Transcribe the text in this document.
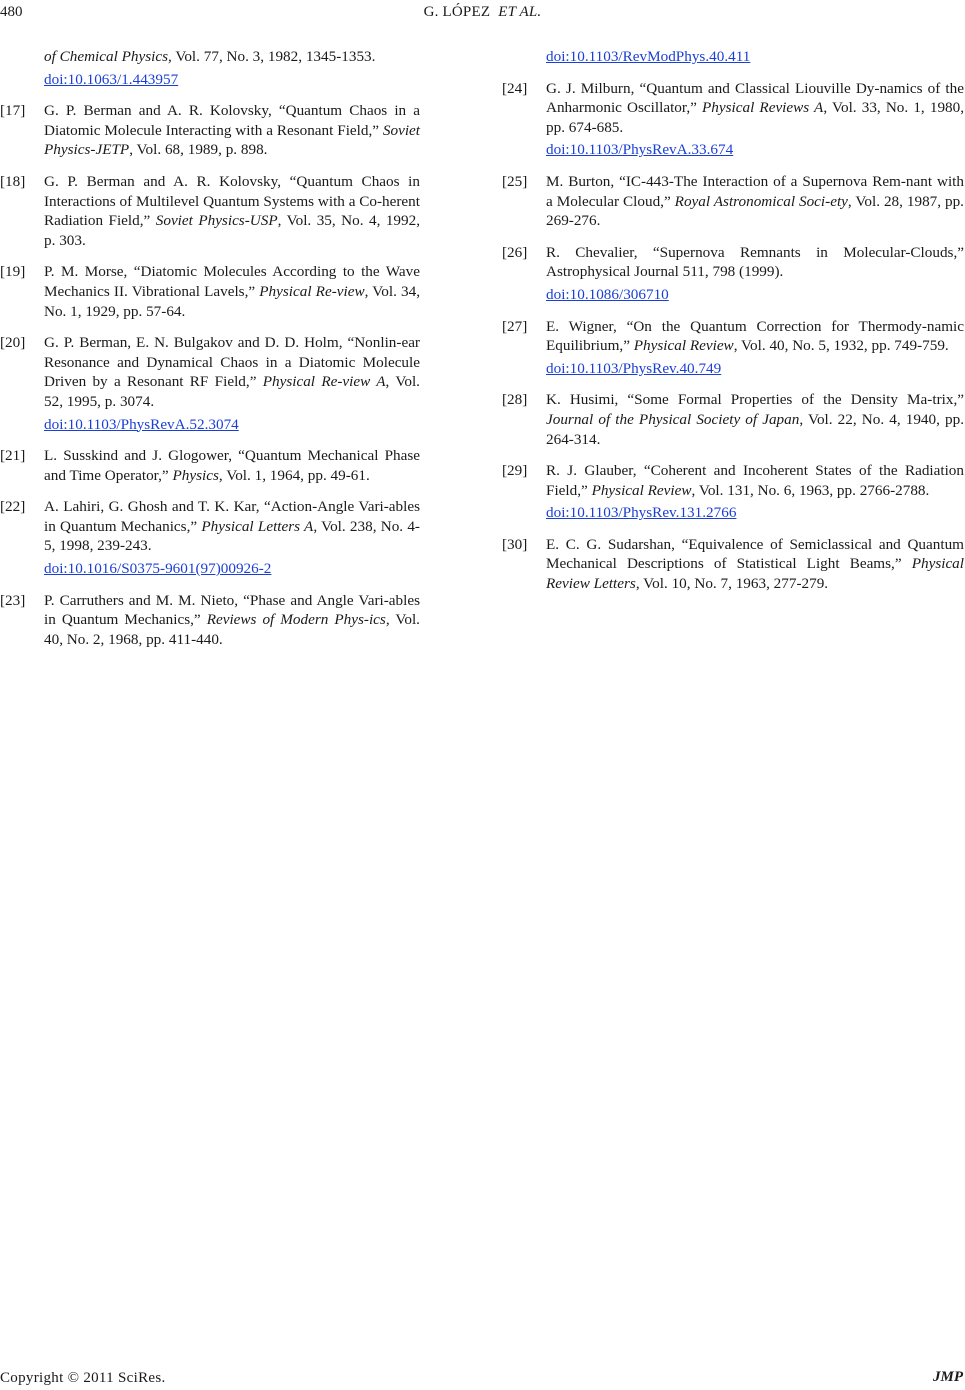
480	G. LÓPEZ ET AL.
of Chemical Physics, Vol. 77, No. 3, 1982, 1345-1353.
doi:10.1063/1.443957
[17] G. P. Berman and A. R. Kolovsky, “Quantum Chaos in a Diatomic Molecule Interacting with a Resonant Field,” Soviet Physics-JETP, Vol. 68, 1989, p. 898.
[18] G. P. Berman and A. R. Kolovsky, “Quantum Chaos in Interactions of Multilevel Quantum Systems with a Co-herent Radiation Field,” Soviet Physics-USP, Vol. 35, No. 4, 1992, p. 303.
[19] P. M. Morse, “Diatomic Molecules According to the Wave Mechanics II. Vibrational Lavels,” Physical Re-view, Vol. 34, No. 1, 1929, pp. 57-64.
[20] G. P. Berman, E. N. Bulgakov and D. D. Holm, “Nonlin-ear Resonance and Dynamical Chaos in a Diatomic Molecule Driven by a Resonant RF Field,” Physical Re-view A, Vol. 52, 1995, p. 3074.
doi:10.1103/PhysRevA.52.3074
[21] L. Susskind and J. Glogower, “Quantum Mechanical Phase and Time Operator,” Physics, Vol. 1, 1964, pp. 49-61.
[22] A. Lahiri, G. Ghosh and T. K. Kar, “Action-Angle Vari-ables in Quantum Mechanics,” Physical Letters A, Vol. 238, No. 4-5, 1998, 239-243.
doi:10.1016/S0375-9601(97)00926-2
[23] P. Carruthers and M. M. Nieto, “Phase and Angle Vari-ables in Quantum Mechanics,” Reviews of Modern Phys-ics, Vol. 40, No. 2, 1968, pp. 411-440.
doi:10.1103/RevModPhys.40.411
[24] G. J. Milburn, “Quantum and Classical Liouville Dy-namics of the Anharmonic Oscillator,” Physical Reviews A, Vol. 33, No. 1, 1980, pp. 674-685.
doi:10.1103/PhysRevA.33.674
[25] M. Burton, “IC-443-The Interaction of a Supernova Rem-nant with a Molecular Cloud,” Royal Astronomical Soci-ety, Vol. 28, 1987, pp. 269-276.
[26] R. Chevalier, “Supernova Remnants in Molecular-Clouds,” Astrophysical Journal 511, 798 (1999).
doi:10.1086/306710
[27] E. Wigner, “On the Quantum Correction for Thermody-namic Equilibrium,” Physical Review, Vol. 40, No. 5, 1932, pp. 749-759.
doi:10.1103/PhysRev.40.749
[28] K. Husimi, “Some Formal Properties of the Density Ma-trix,” Journal of the Physical Society of Japan, Vol. 22, No. 4, 1940, pp. 264-314.
[29] R. J. Glauber, “Coherent and Incoherent States of the Radiation Field,” Physical Review, Vol. 131, No. 6, 1963, pp. 2766-2788.
doi:10.1103/PhysRev.131.2766
[30] E. C. G. Sudarshan, “Equivalence of Semiclassical and Quantum Mechanical Descriptions of Statistical Light Beams,” Physical Review Letters, Vol. 10, No. 7, 1963, 277-279.
Copyright © 2011 SciRes.	JMP
